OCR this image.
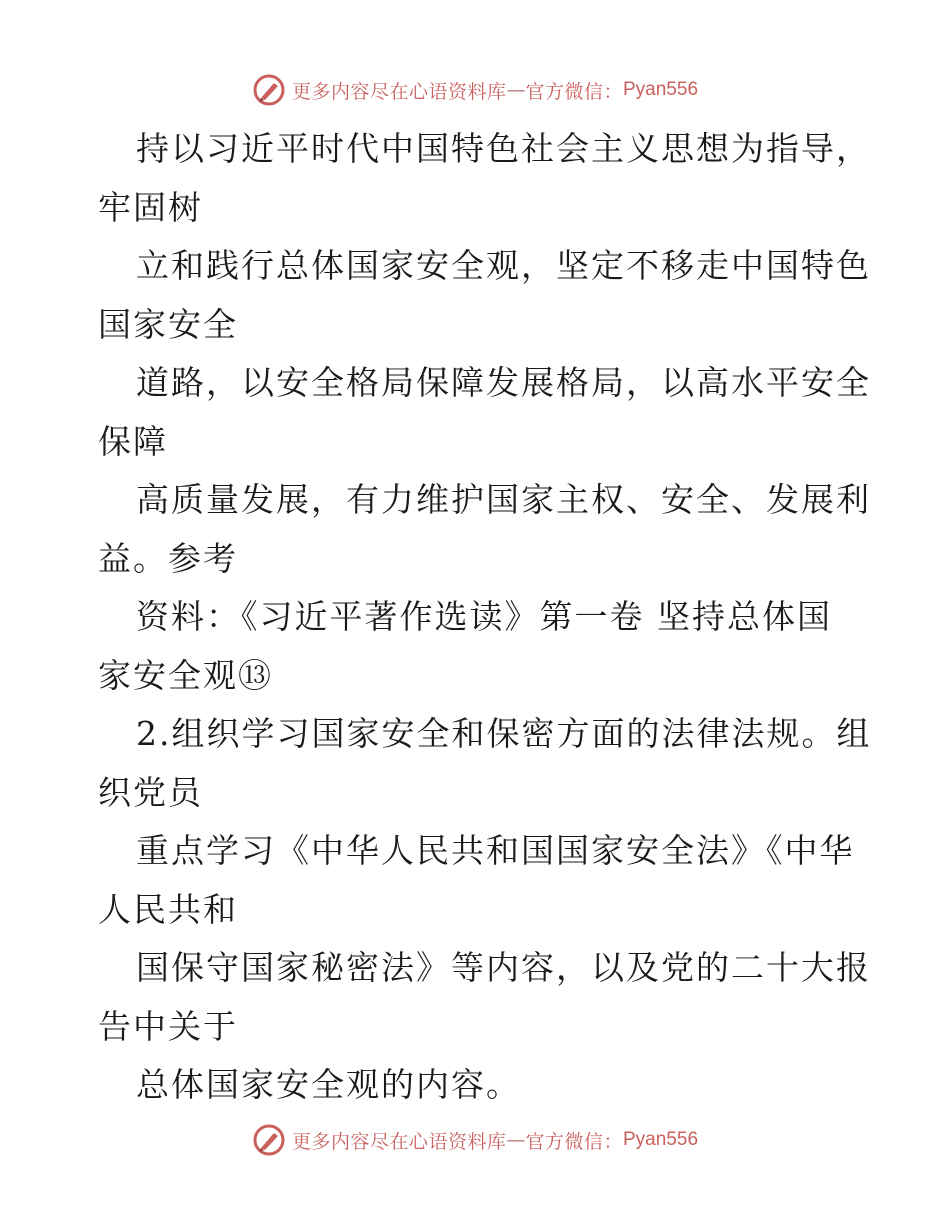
更多内容尽在心语资料库 — 官方微信： Pyan556
持以习近平时代中国特色社会主义思想为指导，
牢固树
立和践行总体国家安全观，坚定不移走中国特色
国家安全
道路，以安全格局保障发展格局，以高水平安全
保障
高质量发展，有力维护国家主权、安全、发展利
益。参考
资料：《习近平著作选读》第一卷 坚持总体国
家安全观⑬
2.组织学习国家安全和保密方面的法律法规。组
织党员
重点学习《中华人民共和国国家安全法》《中华
人民共和
国保守国家秘密法》等内容，以及党的二十大报
告中关于
总体国家安全观的内容。
更多内容尽在心语资料库 — 官方微信： Pyan556
